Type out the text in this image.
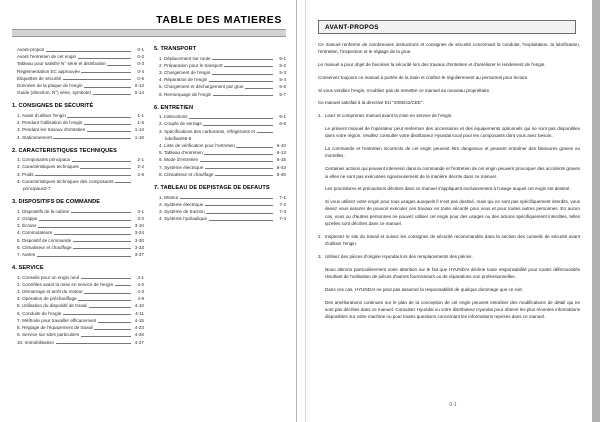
TABLE DES MATIERES
Avant-propos	0-1
Avant l'entretien de cet engin	0-2
Tableau pour satisfre N° série et distribution	0-3
Réglementation EC approuvée	0-4
Etiquettes de sécurité	0-5
Données de la plaque de l'engin	0-13
Guide (direction, N°) série, symbole)	0-14
1. CONSIGNES DE SÉCURITÉ
1. Avant d'utiliser l'engin	1-1
2. Pendant l'utilisation de l'engin	1-5
3. Pendant les travaux d'entretien	1-14
4. Stationnement	1-18
2. CARACTERISTIQUES TECHNIQUES
1. Composants principaux	2-1
2. Caractéristiques techniques	2-2
3. Poids	2-6
4. Caractéristiques techniques des composants
principaux 2-7
3. DISPOSITIFS DE COMMANDE
1. Dispositifs de la cabine	3-1
2. Grappe	3-2
3. Écrans	3-10
4. Commutateurs	3-24
5. Dispositif de commande	3-30
6. Climatiseur et chauffage	3-33
7. Autres	3-37
4. SERVICE
1. Conseils pour un engin neuf	4-1
2. Contrôles avant la mise en service de l'engin	4-2
3. Démarrage et arrêt du moteur	4-3
4. Opération de préchauffage	4-9
5. Utilisation du dispositif de travail	4-10
6. Conduite de l'engin	4-11
7. Méthode pour travailler efficacement	4-15
8. Réglage de l'équipement de travail	4-23
9. Service sur sites particuliers	4-26
10. Immobilisation	4-27
5. TRANSPORT
1. Déplacement sur route	5-1
2. Préparation pour le transport	5-2
3. Chargement de l'engin	5-3
4. Réparation de l'engin	5-4
5. Chargement et déchargement par grue	5-6
6. Remorquage de l'engin	5-7
6. ENTRETIEN
1. Instructions	6-1
2. Couple de serrage	6-6
3. Spécifications des carburants, réfrigérants et
lubrifiants 6-8
4. Liste de vérification pour l'entretien	6-10
5. Tableau d'entretien	6-13
6. Mode d'entretien	6-15
7. Système électrique	6-43
8. Climatiseur et chauffage	6-46
7. TABLEAU DE DEPISTAGE DE DEFAUTS
1. Moteur	7-1
2. Système électrique	7-2
3. Système de traction	7-3
4. Système hydraulique	7-4
AVANT-PROPOS

Ce manuel renferme de nombreuses instructions et consignes de sécurité concernant la conduite, l'exploitation, la lubrification, l'entretien, l'inspection et le réglage de la grue.

Le manuel a pour objet de favoriser la sécurité lors des travaux d'entretien et d'améliorer le rendement de l'engin.

Conservez toujours ce manuel à portée de la main et confiez-le régulièrement au personnel pour lecture.

Si vous vendiez l'engin, n'oubliez pas de remettre ce manuel au nouveau propriétaire.

Ce manuel satisfait à la directive EU "2006/42/CEE".

1. Lisez et comprenez manuel avant la mise en service de l'engin.

Le présent manuel de l'opérateur peut renfermer des accessoires et des équipements optionnels qui ne sont pas disponibles dans votre région. Veuillez consulter votre distributeur Hyundai local pour les composants dont vous avez besoin.

La commande et l'entretien incorrects de cet engin peuvent être dangereux et peuvent entraîner des blessures graves ou mortelles.

Certaines actions qui peuvent intervenir dans la commande et l'entretien de cet engin peuvent provoquer des accidents graves si elles ne sont pas exécutées rigoureusement de la manière décrite dans ce manuel.

Les procédures et précautions décrites dans ce manuel s'appliquent exclusivement à l'usage auquel cet engin est destiné.

Si vous utilisez votre engin pour tous usages auxquels il n'est pas destiné, mais qui ne sont pas spécifiquement interdits, vous devez vous assurer de pouvoir exécuter ces travaux en toute sécurité pour vous et pour toutes autres personnes. En aucun cas, vous ou d'autres personnes ne pouvez utiliser cet engin pour des usages ou des actions spécifiquement interdites, telles qu'elles sont décrites dans ce manuel.

2. Inspectez le site du travail et suivez les consignes de sécurité recommandés dans la section des conseils de sécurité avant d'utiliser l'engin.
3. Utilisez des pièces d'origine Hyundai lors des remplacements des pièces.

Nous attirons particulièrement votre attention sur le fait que HYUNDAI décline toute responsabilité pour toutes défectuosités résultant de l'utilisation de pièces d'autres fournisseurs ou de réparations non professionnelles.

Dans ces cas, HYUNDAI ne peut pas assumer la responsabilité de quelque dommage que ce soit.

Des améliorations continues sur le plan de la conception de cet engin peuvent entraîner des modifications de détail qui ne sont pas décrites dans ce manuel. Consultez Hyundai ou votre distributeur Hyundai pour obtenir les plus récentes informations disponibles sur votre machine ou pour toutes questions concernant les informations reprises dans ce manuel.

0-1
